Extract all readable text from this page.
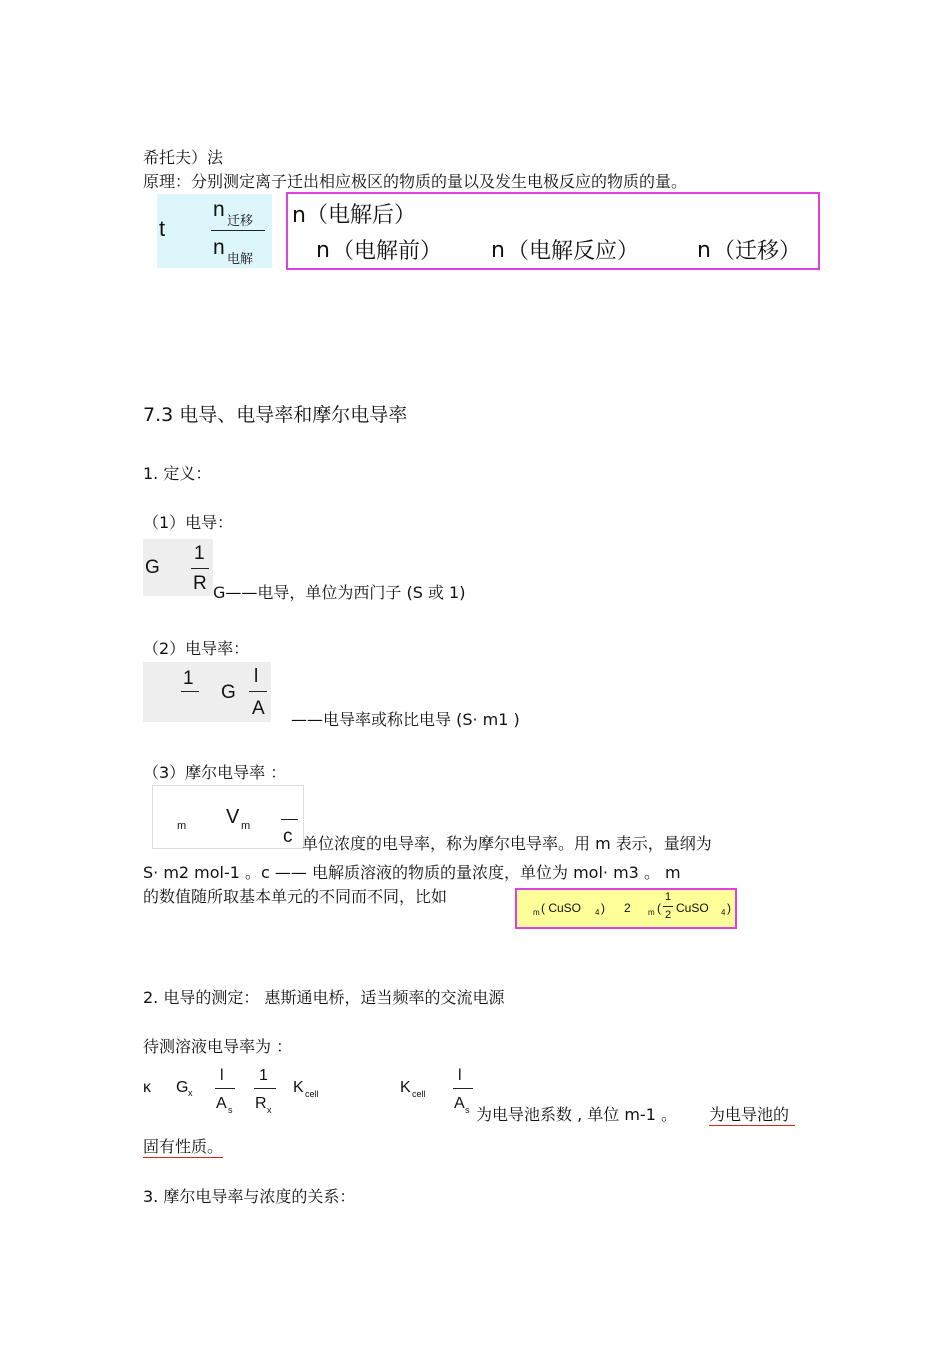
希托夫）法
原理：分别测定离子迁出相应极区的物质的量以及发生电极反应的物质的量。
t
n
迁移
n
电解
n（电解后）
n （电解前） n （电解反应）	n （迁移）
7.3 电导、电导率和摩尔电导率
1. 定义：
（1）电导：
G
1
R G——电导，单位为西门子 (S 或 1)
（2）电导率：
1
G
l
A
——电导率或称比电导 (S· m1 )
（3）摩尔电导率 ：
m V m c 单位浓度的电导率，称为摩尔电导率。用 m 表示，量纲为
S· m2 mol-1 。c —— 电解质溶液的物质的量浓度，单位为 mol· m3 。 m
的数值随所取基本单元的不同而不同，比如
m ( CuSO 4 ) 2 m (
1
2 CuSO 4 )
2. 电导的测定： 惠斯通电桥，适当频率的交流电源
待测溶液电导率为 ：
κ G x
l
A s
1
R x
K cell	K cell
l
A s 为电导池系数 , 单位 m-1 。 为电导池的
固有性质。
3. 摩尔电导率与浓度的关系：
